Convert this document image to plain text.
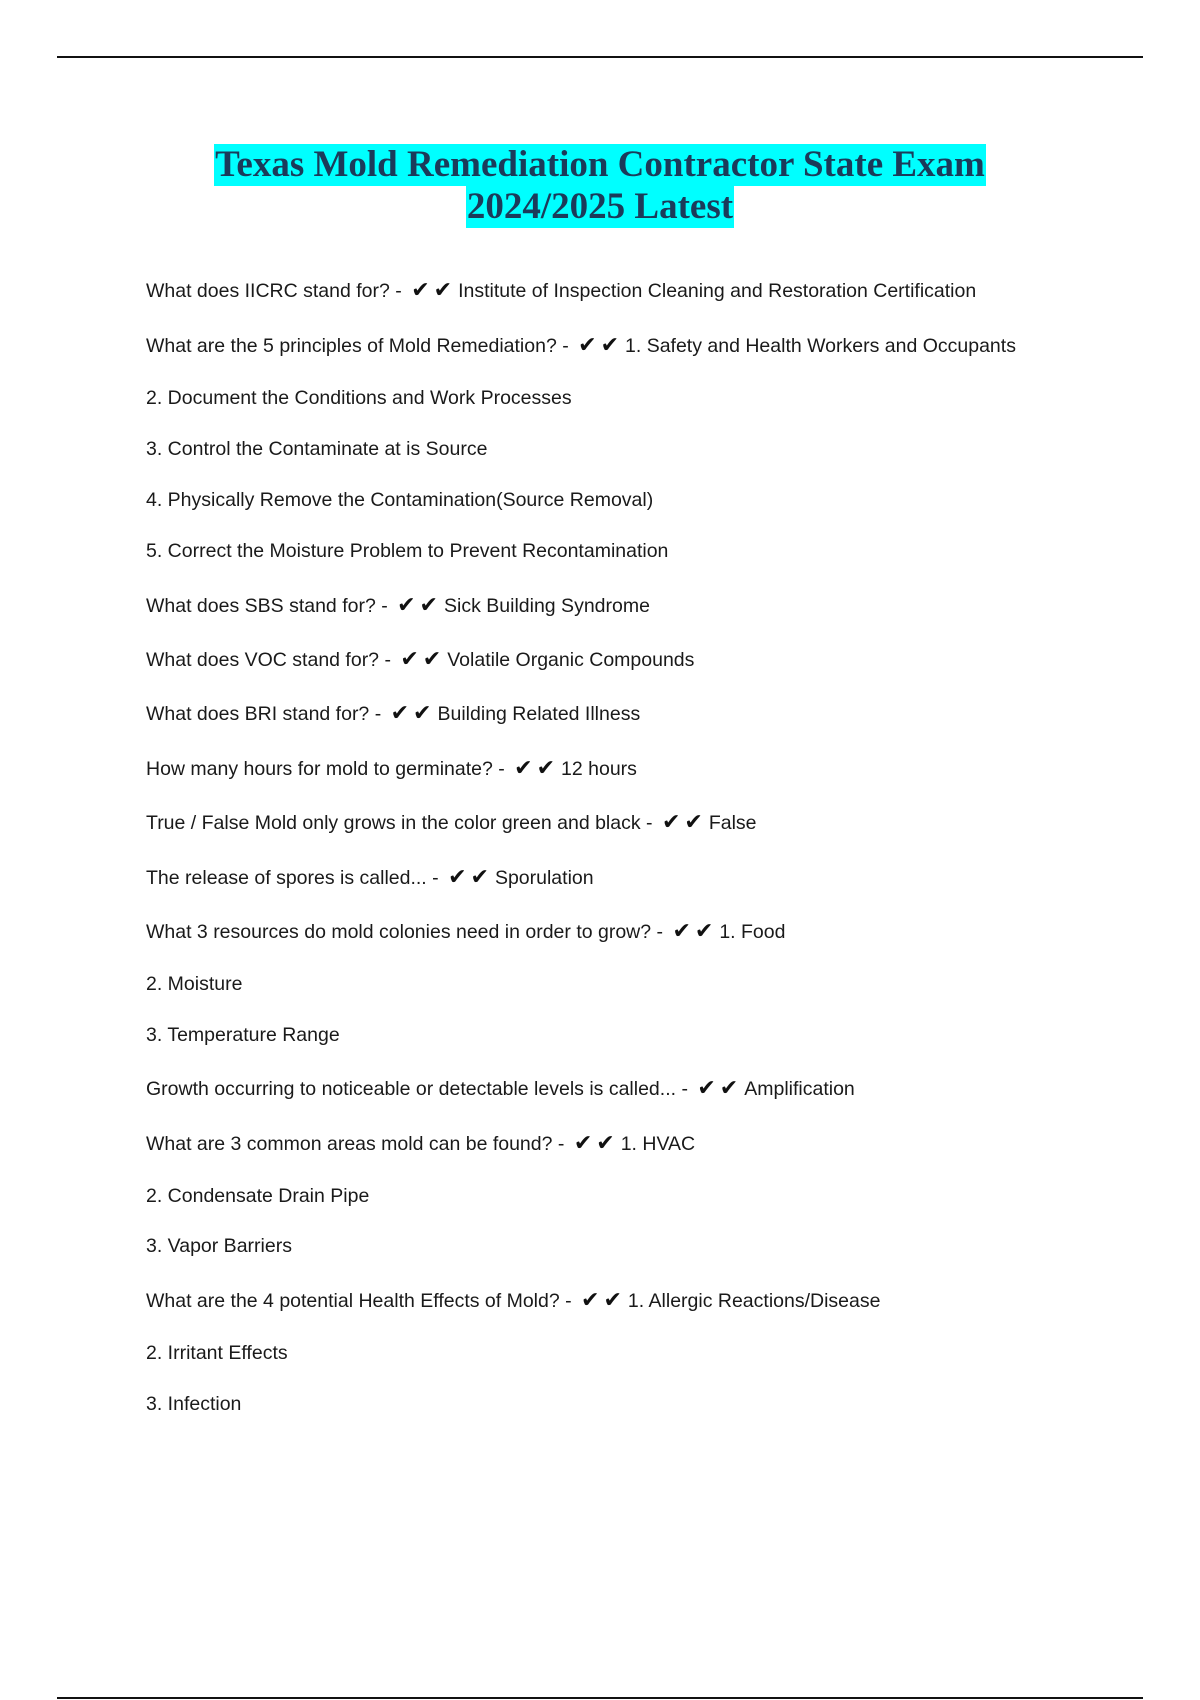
Texas Mold Remediation Contractor State Exam
2024/2025 Latest
What does IICRC stand for? - ✔✔ Institute of Inspection Cleaning and Restoration Certification
What are the 5 principles of Mold Remediation? - ✔✔ 1. Safety and Health Workers and Occupants
2. Document the Conditions and Work Processes
3. Control the Contaminate at is Source
4. Physically Remove the Contamination(Source Removal)
5. Correct the Moisture Problem to Prevent Recontamination
What does SBS stand for? - ✔✔ Sick Building Syndrome
What does VOC stand for? - ✔✔ Volatile Organic Compounds
What does BRI stand for? - ✔✔ Building Related Illness
How many hours for mold to germinate? - ✔✔ 12 hours
True / False Mold only grows in the color green and black - ✔✔ False
The release of spores is called... - ✔✔ Sporulation
What 3 resources do mold colonies need in order to grow? - ✔✔ 1. Food
2. Moisture
3. Temperature Range
Growth occurring to noticeable or detectable levels is called... - ✔✔ Amplification
What are 3 common areas mold can be found? - ✔✔ 1. HVAC
2. Condensate Drain Pipe
3. Vapor Barriers
What are the 4 potential Health Effects of Mold? - ✔✔ 1. Allergic Reactions/Disease
2. Irritant Effects
3. Infection
